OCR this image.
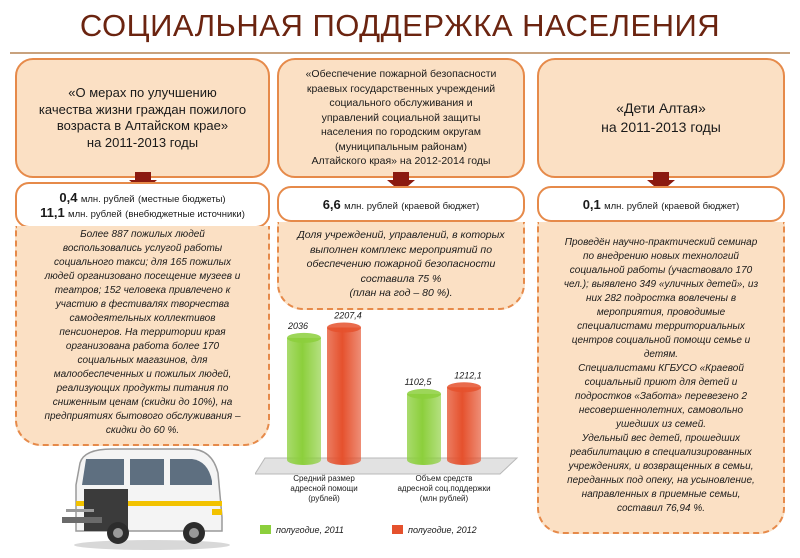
СОЦИАЛЬНАЯ ПОДДЕРЖКА НАСЕЛЕНИЯ
«О мерах по улучшению
качества жизни граждан пожилого
возраста в Алтайском крае»
на 2011-2013 годы
0,4 млн. рублей (местные бюджеты)
11,1 млн. рублей (внебюджетные источники)
Более 887 пожилых людей
воспользовались услугой работы
социального такси; для 165 пожилых
людей организовано посещение музеев и
театров; 152 человека привлечено к
участию в фестивалях творчества
самодеятельных коллективов
пенсионеров. На территории края
организована работа более 170
социальных магазинов, для
малообеспеченных и пожилых людей,
реализующих продукты питания по
сниженным ценам (скидки до 10%), на
предприятиях бытового обслуживания –
скидки до 60 %.
«Обеспечение пожарной безопасности
краевых государственных учреждений
социального обслуживания и
управлений социальной защиты
населения по городским округам
(муниципальным районам)
Алтайского края» на 2012-2014 годы
6,6 млн. рублей (краевой бюджет)
Доля учреждений, управлений, в которых
выполнен комплекс мероприятий по
обеспечению пожарной безопасности
составила 75 %
(план на год – 80 %).
2036
2207,4
Средний размер
адресной помощи
(рублей)
1102,5
1212,1
Объем средств
адресной соц.поддержки
(млн рублей)
полугодие, 2011	полугодие, 2012
«Дети Алтая»
на 2011-2013 годы
0,1 млн. рублей (краевой бюджет)
Проведён научно-практический семинар
по внедрению новых технологий
социальной работы (участвовало 170
чел.); выявлено 349 «уличных детей», из
них 282 подростка вовлечены в
мероприятия, проводимые
специалистами территориальных
центров социальной помощи семье и
детям.
Специалистами КГБУСО «Краевой
социальный приют для детей и
подростков «Забота» перевезено 2
несовершеннолетних, самовольно
ушедших из семей.
Удельный вес детей, прошедших
реабилитацию в специализированных
учреждениях, и возвращенных в семьи,
переданных под опеку, на усыновление,
направленных в приемные семьи,
составил 76,94 %.
